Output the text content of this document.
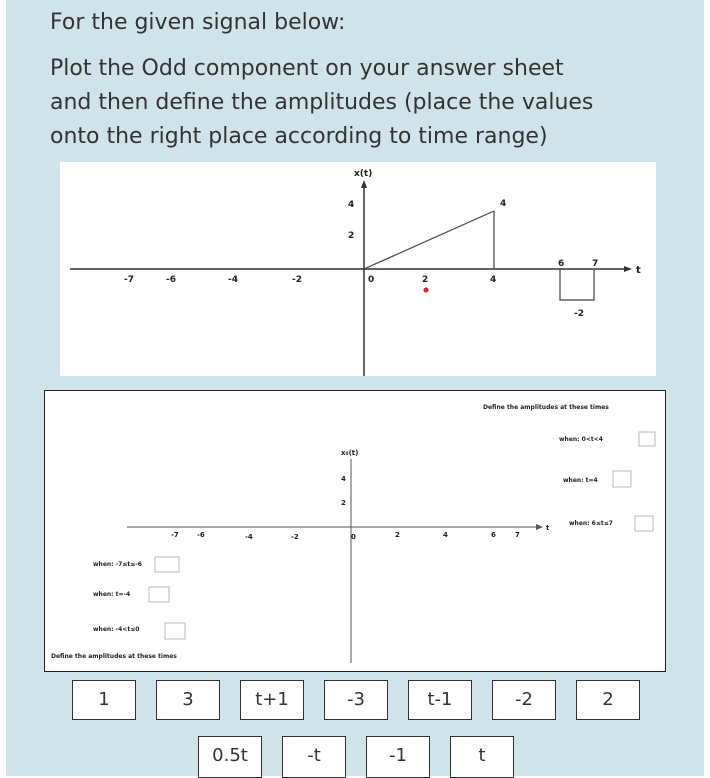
For the given signal below:
Plot the Odd component on your answer sheet
and then define the amplitudes (place the values
onto the right place according to time range)
x(t)
t
4
2
-7	-6	-4	-2	0	2	4
6	7
4
-2
Define the amplitudes at these times
Define the amplitudes at these times
x₀(t)
t
4
2
-7	-6	-4	-2	0	2	4	6	7
when: 0<t<4
when: t=4
when: 6≤t≤7
when: -7≤t≤-6
when: t=-4
when: -4<t≤0
1	3	t+1	-3	t-1	-2	2
0.5t	-t	-1	t
